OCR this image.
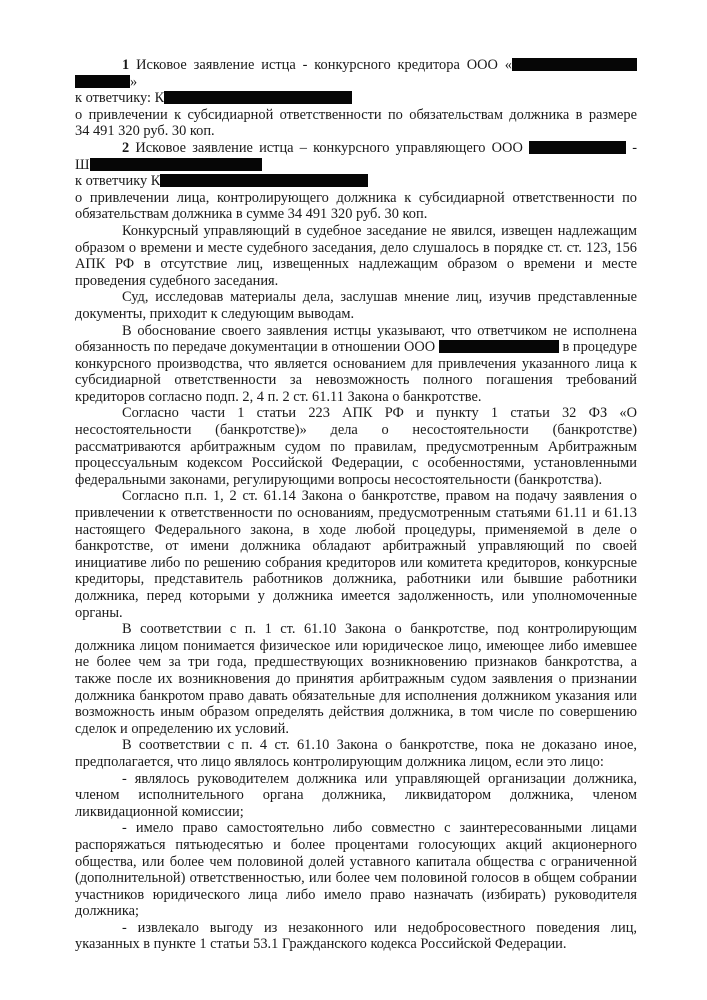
1 Исковое заявление истца - конкурсного кредитора ООО «

»

к ответчику: К

о привлечении к субсидиарной ответственности по обязательствам должника в размере

34 491 320 руб. 30 коп.

2 Исковое заявление истца – конкурсного управляющего ООО	-

Ш

к ответчику К

о привлечении лица, контролирующего должника к субсидиарной ответственности по

обязательствам должника в сумме 34 491 320 руб. 30 коп.

Конкурсный управляющий в судебное заседание не явился, извещен надлежащим образом о времени и месте судебного заседания, дело слушалось в порядке ст. ст. 123, 156 АПК РФ в отсутствие лиц, извещенных надлежащим образом о времени и месте проведения судебного заседания.

Суд, исследовав материалы дела, заслушав мнение лиц, изучив представленные документы, приходит к следующим выводам.

В обоснование своего заявления истцы указывают, что ответчиком не исполнена обязанность по передаче документации в отношении ООО	в процедуре конкурсного производства, что является основанием для привлечения указанного лица к субсидиарной ответственности за невозможность полного погашения требований кредиторов согласно подп. 2, 4 п. 2 ст. 61.11 Закона о банкротстве.

Согласно части 1 статьи 223 АПК РФ и пункту 1 статьи 32 ФЗ «О несостоятельности (банкротстве)» дела о несостоятельности (банкротстве) рассматриваются арбитражным судом по правилам, предусмотренным Арбитражным процессуальным кодексом Российской Федерации, с особенностями, установленными федеральными законами, регулирующими вопросы несостоятельности (банкротства).

Согласно п.п. 1, 2 ст. 61.14 Закона о банкротстве, правом на подачу заявления о привлечении к ответственности по основаниям, предусмотренным статьями 61.11 и 61.13 настоящего Федерального закона, в ходе любой процедуры, применяемой в деле о банкротстве, от имени должника обладают арбитражный управляющий по своей инициативе либо по решению собрания кредиторов или комитета кредиторов, конкурсные кредиторы, представитель работников должника, работники или бывшие работники должника, перед которыми у должника имеется задолженность, или уполномоченные органы.

В соответствии с п. 1 ст. 61.10 Закона о банкротстве, под контролирующим должника лицом понимается физическое или юридическое лицо, имеющее либо имевшее не более чем за три года, предшествующих возникновению признаков банкротства, а также после их возникновения до принятия арбитражным судом заявления о признании должника банкротом право давать обязательные для исполнения должником указания или возможность иным образом определять действия должника, в том числе по совершению сделок и определению их условий.

В соответствии с п. 4 ст. 61.10 Закона о банкротстве, пока не доказано иное, предполагается, что лицо являлось контролирующим должника лицом, если это лицо:

- являлось руководителем должника или управляющей организации должника, членом исполнительного органа должника, ликвидатором должника, членом ликвидационной комиссии;

- имело право самостоятельно либо совместно с заинтересованными лицами распоряжаться пятьюдесятью и более процентами голосующих акций акционерного общества, или более чем половиной долей уставного капитала общества с ограниченной (дополнительной) ответственностью, или более чем половиной голосов в общем собрании участников юридического лица либо имело право назначать (избирать) руководителя должника;

- извлекало выгоду из незаконного или недобросовестного поведения лиц, указанных в пункте 1 статьи 53.1 Гражданского кодекса Российской Федерации.
